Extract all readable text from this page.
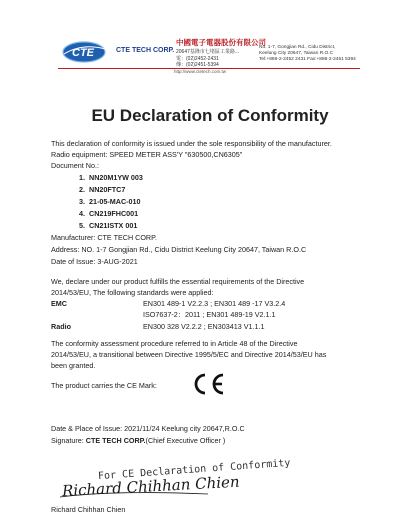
CTE	CTE TECH CORP.
中國電子電器股份有限公司
20647基隆市七堵區工業路...
電：(02)2452-2431
傳：(02)2451-5394
No. 1-7, Gongjian Rd., Cidu District,
Keelung City 20647, Taiwan R.O.C
Tel:+886-2-2452 2431 Fax:+886-2-2451 5394
http://www.ctetech.com.tw
EU Declaration of Conformity
This declaration of conformity is issued under the sole responsibility of the manufacturer.
Radio equipment: SPEED METER ASS'Y "630500,CN6305"
Document No.:
1. NN20M1YW 003
2. NN20FTC7
3. 21-05-MAC-010
4. CN219FHC001
5. CN21ISTX 001
Manufacturer: CTE TECH CORP.
Address: NO. 1-7 Gongjian Rd., Cidu District Keelung City 20647, Taiwan R.O.C
Date of Issue: 3-AUG-2021
We, declare under our product fulfills the essential requirements of the Directive
2014/53/EU, The following standards were applied:
EMC	EN301 489-1 V2.2.3 ; EN301 489 -17 V3.2.4
ISO7637-2：2011 ; EN301 489-19 V2.1.1
Radio	EN300 328 V2.2.2 ; EN303413 V1.1.1
The conformity assessment procedure referred to in Article 48 of the Directive
2014/53/EU, a transitional between Directive 1995/5/EC and Directive 2014/53/EU has
been granted.
The product carries the CE Mark:
Date & Place of Issue: 2021/11/24 Keelung city 20647,R.O.C
Signature: CTE TECH CORP.(Chief Executive Officer )
For CE Declaration of Conformity
Richard Chihhan Chien
Richard Chihhan Chien
